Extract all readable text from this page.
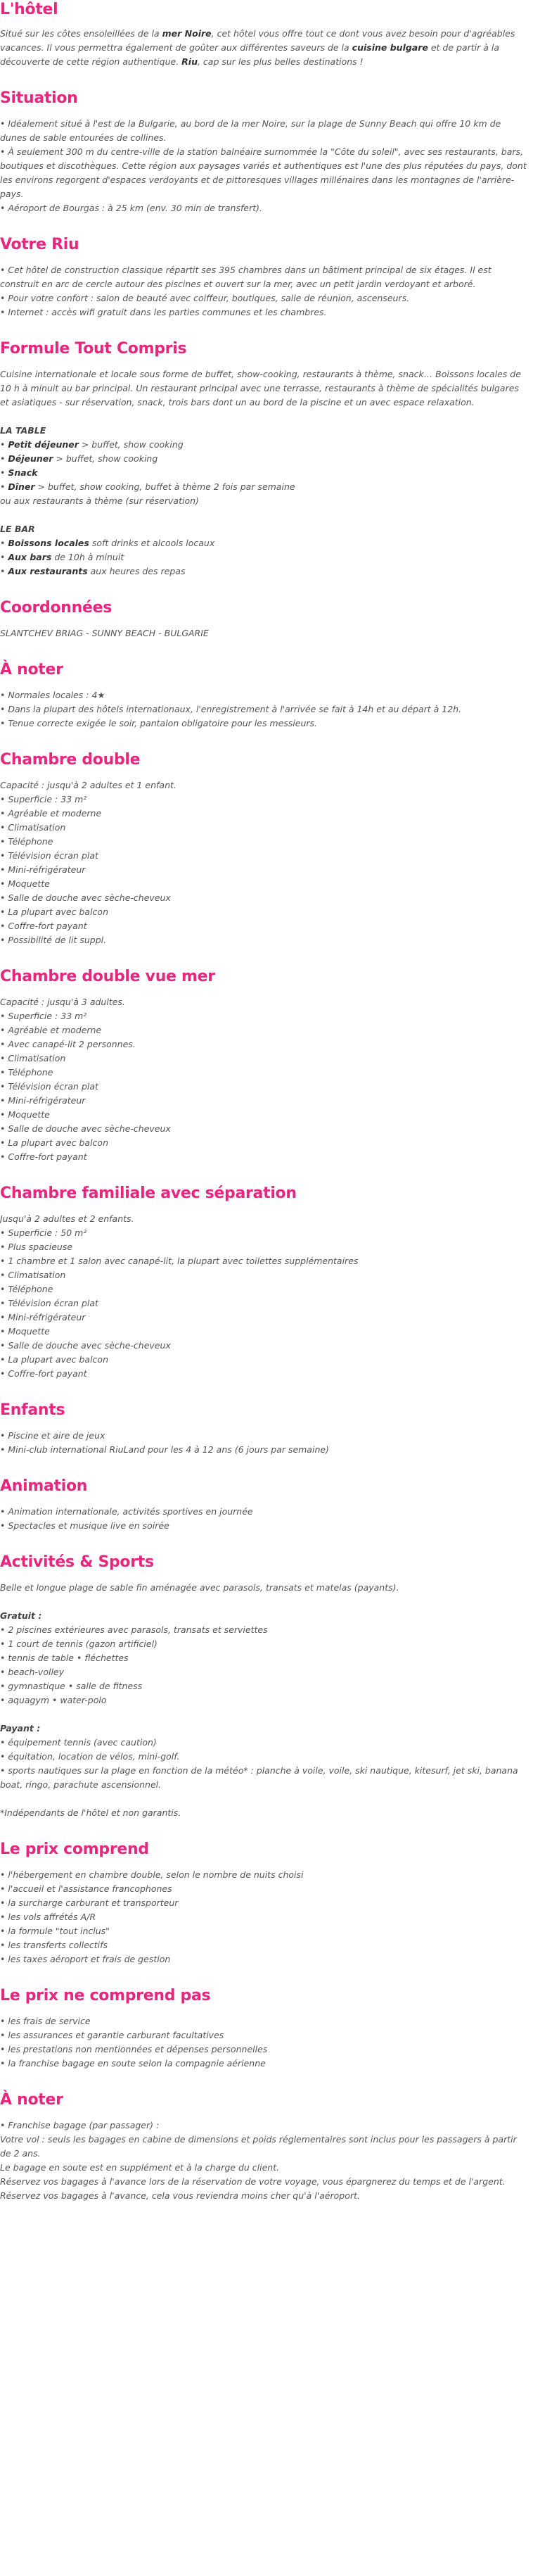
L'hôtel

Situé sur les côtes ensoleillées de la mer Noire, cet hôtel vous offre tout ce dont vous avez besoin pour d'agréables vacances. Il vous permettra également de goûter aux différentes saveurs de la cuisine bulgare et de partir à la découverte de cette région authentique. Riu, cap sur les plus belles destinations !

Situation

• Idéalement situé à l'est de la Bulgarie, au bord de la mer Noire, sur la plage de Sunny Beach qui offre 10 km de dunes de sable entourées de collines.

• À seulement 300 m du centre-ville de la station balnéaire surnommée la "Côte du soleil", avec ses restaurants, bars, boutiques et discothèques. Cette région aux paysages variés et authentiques est l'une des plus réputées du pays, dont les environs regorgent d'espaces verdoyants et de pittoresques villages millénaires dans les montagnes de l'arrière-pays.

• Aéroport de Bourgas : à 25 km (env. 30 min de transfert).

Votre Riu

• Cet hôtel de construction classique répartit ses 395 chambres dans un bâtiment principal de six étages. Il est construit en arc de cercle autour des piscines et ouvert sur la mer, avec un petit jardin verdoyant et arboré.

• Pour votre confort : salon de beauté avec coiffeur, boutiques, salle de réunion, ascenseurs.

• Internet : accès wifi gratuit dans les parties communes et les chambres.

Formule Tout Compris

Cuisine internationale et locale sous forme de buffet, show-cooking, restaurants à thème, snack… Boissons locales de 10 h à minuit au bar principal. Un restaurant principal avec une terrasse, restaurants à thème de spécialités bulgares et asiatiques - sur réservation, snack, trois bars dont un au bord de la piscine et un avec espace relaxation.

LA TABLE

• Petit déjeuner > buffet, show cooking

• Déjeuner > buffet, show cooking

• Snack

• Dîner > buffet, show cooking, buffet à thème 2 fois par semaine

ou aux restaurants à thème (sur réservation)

LE BAR

• Boissons locales soft drinks et alcools locaux

• Aux bars de 10h à minuit

• Aux restaurants aux heures des repas

Coordonnées

SLANTCHEV BRIAG - SUNNY BEACH - BULGARIE

À noter

• Normales locales : 4★

• Dans la plupart des hôtels internationaux, l'enregistrement à l'arrivée se fait à 14h et au départ à 12h.

• Tenue correcte exigée le soir, pantalon obligatoire pour les messieurs.

Chambre double

Capacité : jusqu'à 2 adultes et 1 enfant.

• Superficie : 33 m²

• Agréable et moderne

• Climatisation

• Téléphone

• Télévision écran plat

• Mini-réfrigérateur

• Moquette

• Salle de douche avec sèche-cheveux

• La plupart avec balcon

• Coffre-fort payant

• Possibilité de lit suppl.

Chambre double vue mer

Capacité : jusqu'à 3 adultes.

• Superficie : 33 m²

• Agréable et moderne

• Avec canapé-lit 2 personnes.

• Climatisation

• Téléphone

• Télévision écran plat

• Mini-réfrigérateur

• Moquette

• Salle de douche avec sèche-cheveux

• La plupart avec balcon

• Coffre-fort payant

Chambre familiale avec séparation

Jusqu'à 2 adultes et 2 enfants.

• Superficie : 50 m²

• Plus spacieuse

• 1 chambre et 1 salon avec canapé-lit, la plupart avec toilettes supplémentaires

• Climatisation

• Téléphone

• Télévision écran plat

• Mini-réfrigérateur

• Moquette

• Salle de douche avec sèche-cheveux

• La plupart avec balcon

• Coffre-fort payant

Enfants

• Piscine et aire de jeux

• Mini-club international RiuLand pour les 4 à 12 ans (6 jours par semaine)

Animation

• Animation internationale, activités sportives en journée

• Spectacles et musique live en soirée

Activités & Sports

Belle et longue plage de sable fin aménagée avec parasols, transats et matelas (payants).

Gratuit :

• 2 piscines extérieures avec parasols, transats et serviettes

• 1 court de tennis (gazon artificiel)

• tennis de table • fléchettes

• beach-volley

• gymnastique • salle de fitness

• aquagym • water-polo

Payant :

• équipement tennis (avec caution)

• équitation, location de vélos, mini-golf.

• sports nautiques sur la plage en fonction de la météo* : planche à voile, voile, ski nautique, kitesurf, jet ski, banana boat, ringo, parachute ascensionnel.

*Indépendants de l'hôtel et non garantis.

Le prix comprend

• l'hébergement en chambre double, selon le nombre de nuits choisi

• l'accueil et l'assistance francophones

• la surcharge carburant et transporteur

• les vols affrétés A/R

• la formule "tout inclus"

• les transferts collectifs

• les taxes aéroport et frais de gestion

Le prix ne comprend pas

• les frais de service

• les assurances et garantie carburant facultatives

• les prestations non mentionnées et dépenses personnelles

• la franchise bagage en soute selon la compagnie aérienne

À noter

• Franchise bagage (par passager) :

Votre vol : seuls les bagages en cabine de dimensions et poids réglementaires sont inclus pour les passagers à partir de 2 ans.

Le bagage en soute est en supplément et à la charge du client.

Réservez vos bagages à l'avance lors de la réservation de votre voyage, vous épargnerez du temps et de l'argent.

Réservez vos bagages à l'avance, cela vous reviendra moins cher qu'à l'aéroport.
